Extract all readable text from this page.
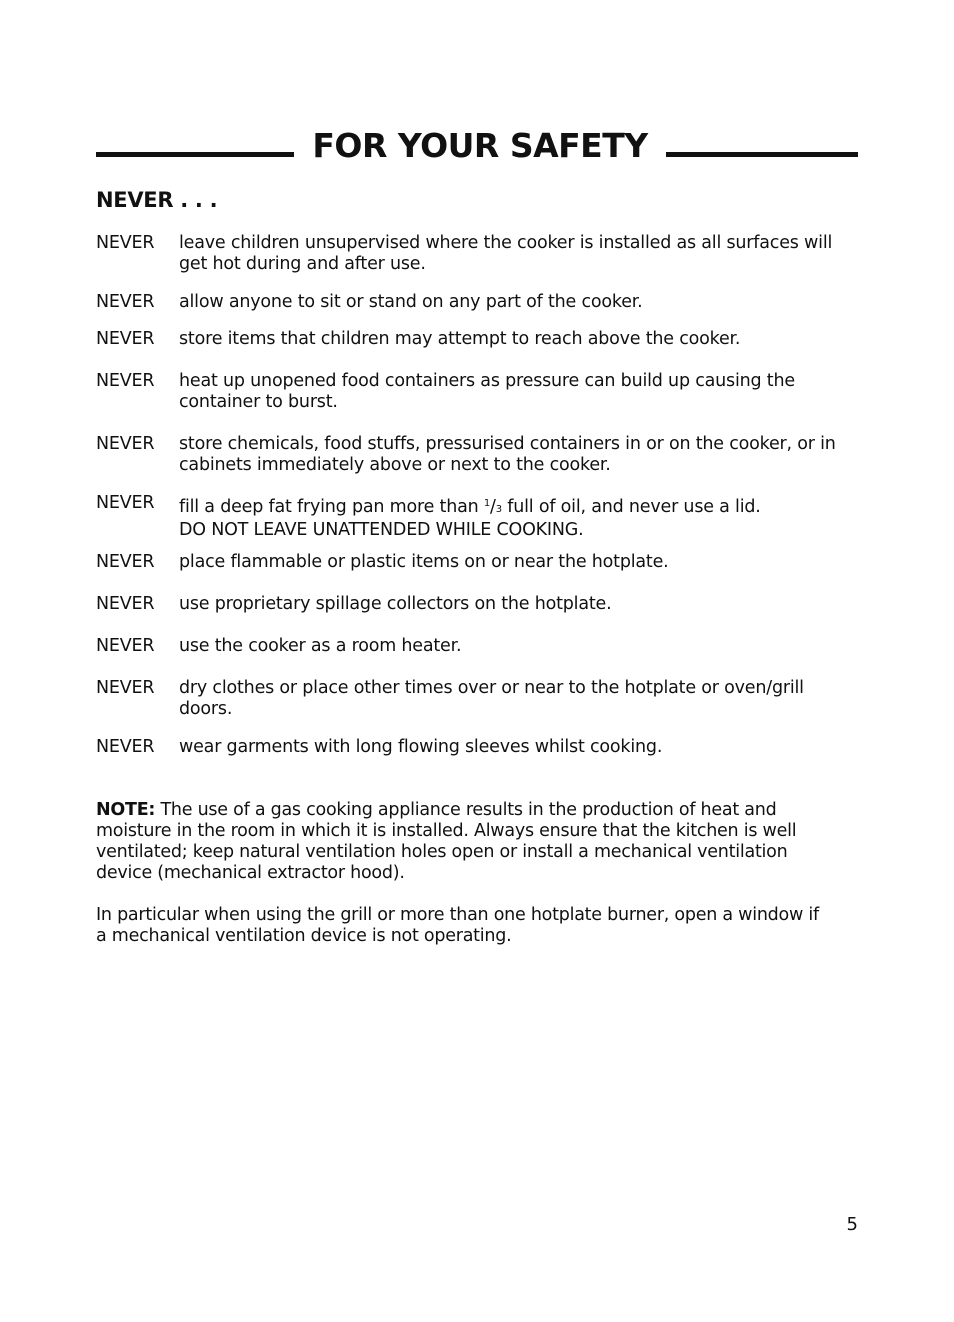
FOR YOUR SAFETY
NEVER . . .
NEVER	leave children unsupervised where the cooker is installed as all surfaces will
get hot during and after use.
NEVER	allow anyone to sit or stand on any part of the cooker.
NEVER	store items that children may attempt to reach above the cooker.
NEVER	heat up unopened food containers as pressure can build up causing the
container to burst.
NEVER	store chemicals, food stuffs, pressurised containers in or on the cooker, or in
cabinets immediately above or next to the cooker.
NEVER	fill a deep fat frying pan more than $^1$/3 full of oil, and never use a lid.
DO NOT LEAVE UNATTENDED WHILE COOKING.
NEVER	place flammable or plastic items on or near the hotplate.
NEVER	use proprietary spillage collectors on the hotplate.
NEVER	use the cooker as a room heater.
NEVER	dry clothes or place other times over or near to the hotplate or oven/grill
doors.
NEVER	wear garments with long flowing sleeves whilst cooking.
NOTE: The use of a gas cooking appliance results in the production of heat and
moisture in the room in which it is installed. Always ensure that the kitchen is well
ventilated; keep natural ventilation holes open or install a mechanical ventilation
device (mechanical extractor hood).
In particular when using the grill or more than one hotplate burner, open a window if
a mechanical ventilation device is not operating.
5
